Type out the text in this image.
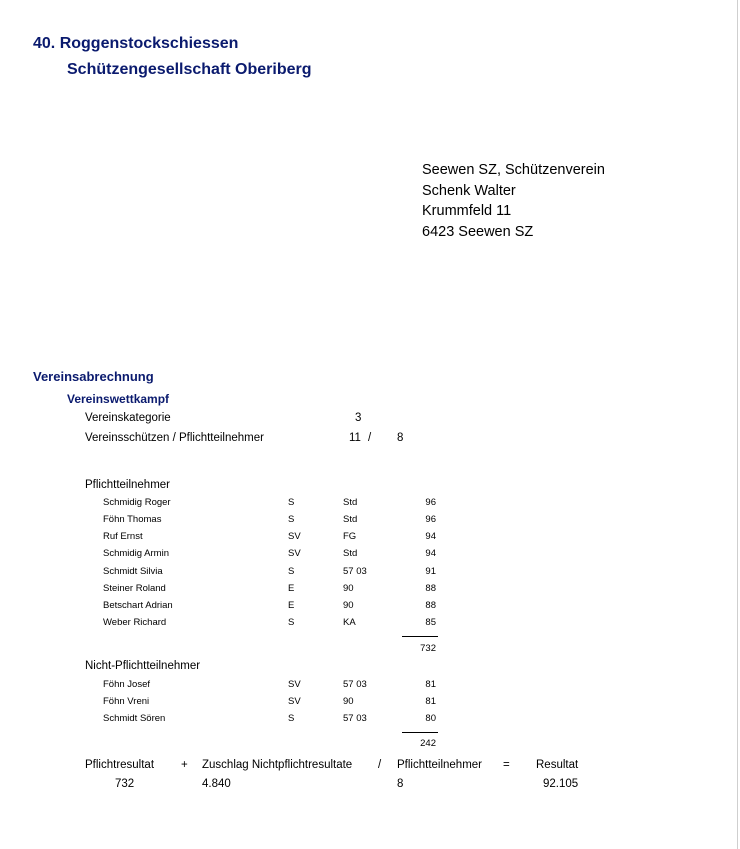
40. Roggenstockschiessen
Schützengesellschaft Oberiberg
Seewen SZ, Schützenverein
Schenk Walter
Krummfeld 11
6423 Seewen SZ
Vereinsabrechnung
Vereinswettkampf
Vereinskategorie	3
Vereinsschützen / Pflichtteilnehmer	11 / 8
Pflichtteilnehmer
Schmidig Roger	S	Std	96
Föhn Thomas	S	Std	96
Ruf Ernst	SV	FG	94
Schmidig Armin	SV	Std	94
Schmidt Silvia	S	57 03	91
Steiner Roland	E	90	88
Betschart Adrian	E	90	88
Weber Richard	S	KA	85
732
Nicht-Pflichtteilnehmer
Föhn Josef	SV	57 03	81
Föhn Vreni	SV	90	81
Schmidt Sören	S	57 03	80
242
Pflichtresultat + Zuschlag Nichtpflichtresultate / Pflichtteilnehmer = Resultat
732	4.840	8	92.105
